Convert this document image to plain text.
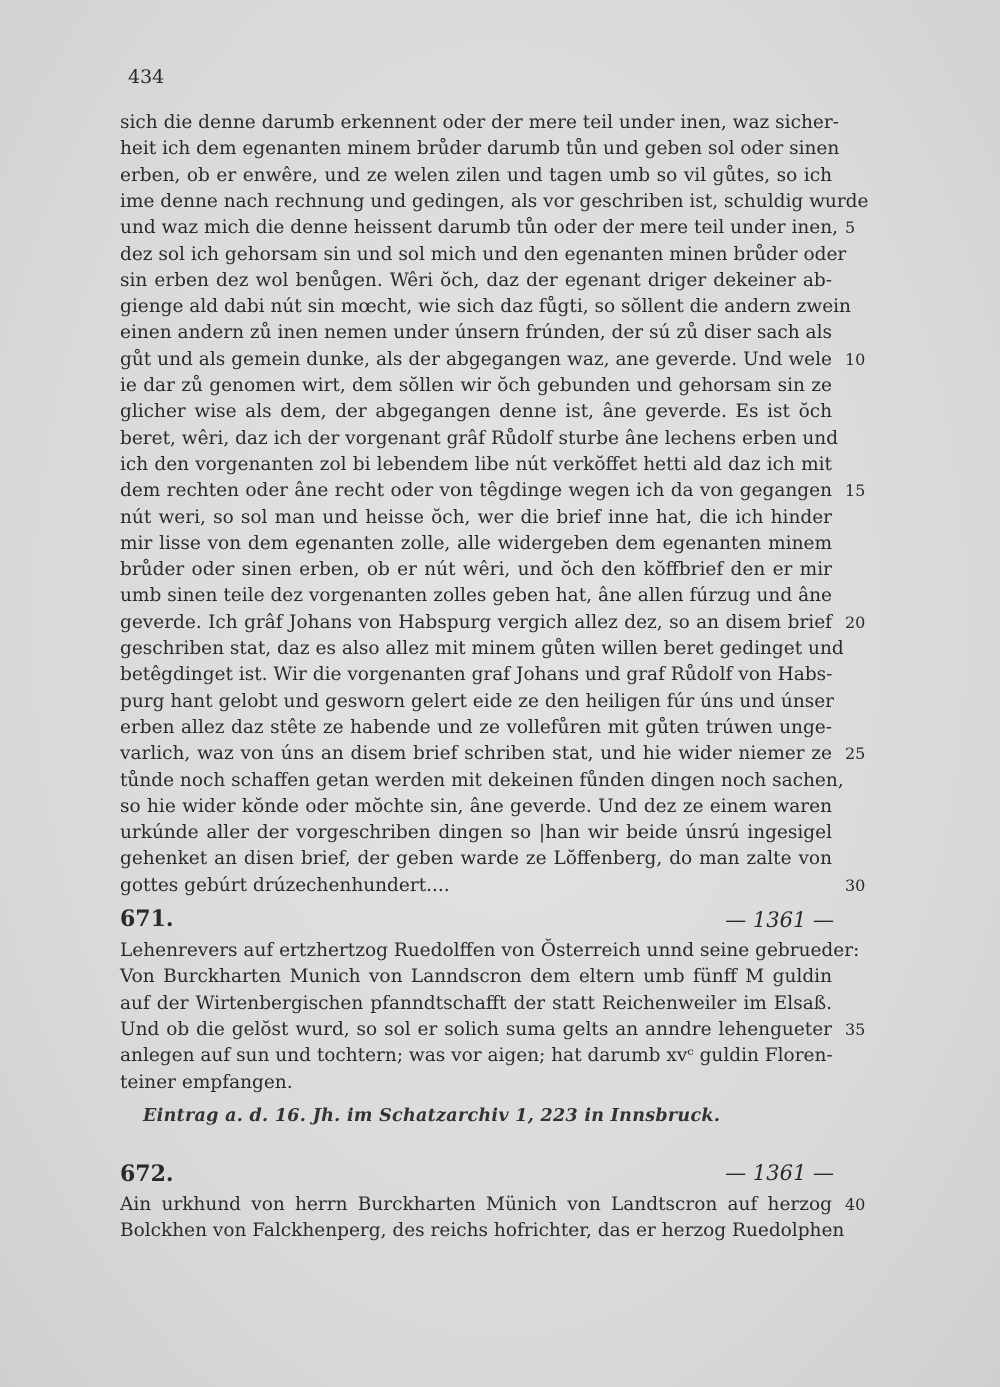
434
sich die denne darumb erkennent oder der mere teil under inen, waz sicher-
heit ich dem egenanten minem brůder darumb tůn und geben sol oder sinen
erben, ob er enwêre, und ze welen zilen und tagen umb so vil gůtes, so ich
ime denne nach rechnung und gedingen, als vor geschriben ist, schuldig wurde
und waz mich die denne heissent darumb tůn oder der mere teil under inen,
dez sol ich gehorsam sin und sol mich und den egenanten minen brůder oder
sin erben dez wol benůgen. Wêri ŏch, daz der egenant driger dekeiner ab-
gienge ald dabi nút sin mœcht, wie sich daz fůgti, so sŏllent die andern zwein
einen andern zů inen nemen under únsern frúnden, der sú zů diser sach als
gůt und als gemein dunke, als der abgegangen waz, ane geverde. Und wele
ie dar zů genomen wirt, dem sŏllen wir ŏch gebunden und gehorsam sin ze
glicher wise als dem, der abgegangen denne ist, âne geverde. Es ist ŏch
beret, wêri, daz ich der vorgenant grâf Růdolf sturbe âne lechens erben und
ich den vorgenanten zol bi lebendem libe nút verkŏffet hetti ald daz ich mit
dem rechten oder âne recht oder von têgdinge wegen ich da von gegangen
nút weri, so sol man und heisse ŏch, wer die brief inne hat, die ich hinder
mir lisse von dem egenanten zolle, alle widergeben dem egenanten minem
brůder oder sinen erben, ob er nút wêri, und ŏch den kŏffbrief den er mir
umb sinen teile dez vorgenanten zolles geben hat, âne allen fúrzug und âne
geverde. Ich grâf Johans von Habspurg vergich allez dez, so an disem brief
geschriben stat, daz es also allez mit minem gůten willen beret gedinget und
betêgdinget ist. Wir die vorgenanten graf Johans und graf Růdolf von Habs-
purg hant gelobt und gesworn gelert eide ze den heiligen fúr úns und únser
erben allez daz stête ze habende und ze vollefůren mit gůten trúwen unge-
varlich, waz von úns an disem brief schriben stat, und hie wider niemer ze
tůnde noch schaffen getan werden mit dekeinen fůnden dingen noch sachen,
so hie wider kŏnde oder mŏchte sin, âne geverde. Und dez ze einem waren
urkúnde aller der vorgeschriben dingen so |han wir beide únsrú ingesigel
gehenket an disen brief, der geben warde ze Lŏffenberg, do man zalte von
gottes gebúrt drúzechenhundert....
5
10
15
20
25
30
671.	— 1361 —
Lehenrevers auf ertzhertzog Ruedolffen von Ŏsterreich unnd seine gebrueder:
Von Burckharten Munich von Lanndscron dem eltern umb fünff M guldin
auf der Wirtenbergischen pfanndtschafft der statt Reichenweiler im Elsaß.
Und ob die gelŏst wurd, so sol er solich suma gelts an anndre lehengueter
anlegen auf sun und tochtern; was vor aigen; hat darumb xvᶜ guldin Floren-
teiner empfangen.
35
Eintrag a. d. 16. Jh. im Schatzarchiv 1, 223 in Innsbruck.
672.	— 1361 —
Ain urkhund von herrn Burckharten Münich von Landtscron auf herzog
Bolckhen von Falckhenperg, des reichs hofrichter, das er herzog Ruedolphen
40
